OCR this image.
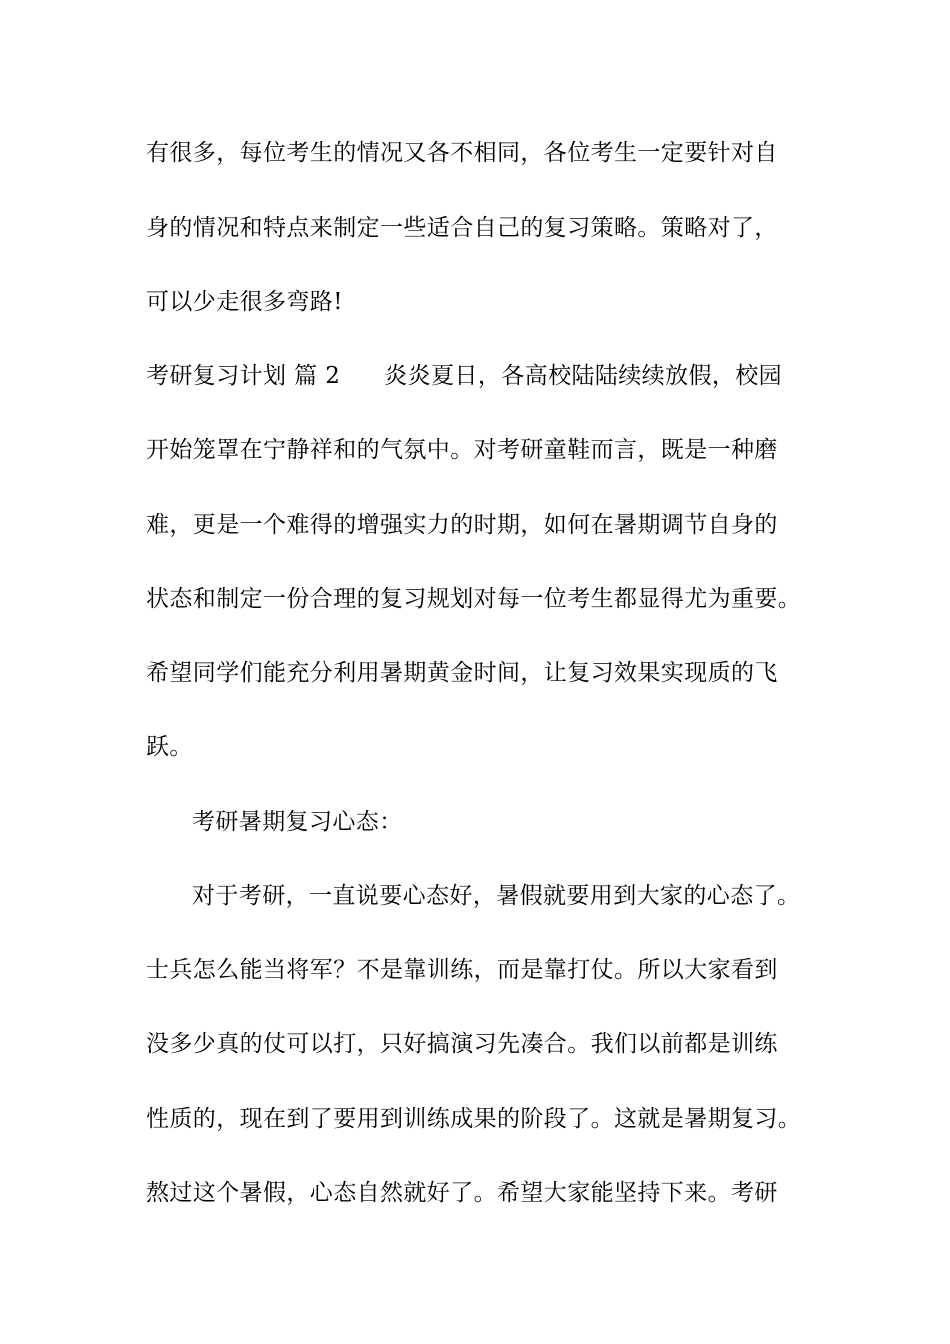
有很多，每位考生的情况又各不相同，各位考生一定要针对自
身的情况和特点来制定一些适合自己的复习策略。策略对了，
可以少走很多弯路!
考研复习计划 篇 2 炎炎夏日，各高校陆陆续续放假，校园
开始笼罩在宁静祥和的气氛中。对考研童鞋而言，既是一种磨
难，更是一个难得的增强实力的时期，如何在暑期调节自身的
状态和制定一份合理的复习规划对每一位考生都显得尤为重要。
希望同学们能充分利用暑期黄金时间，让复习效果实现质的飞
跃。
考研暑期复习心态：
对于考研，一直说要心态好，暑假就要用到大家的心态了。
士兵怎么能当将军？不是靠训练，而是靠打仗。所以大家看到
没多少真的仗可以打，只好搞演习先凑合。我们以前都是训练
性质的，现在到了要用到训练成果的阶段了。这就是暑期复习。
熬过这个暑假，心态自然就好了。希望大家能坚持下来。考研
